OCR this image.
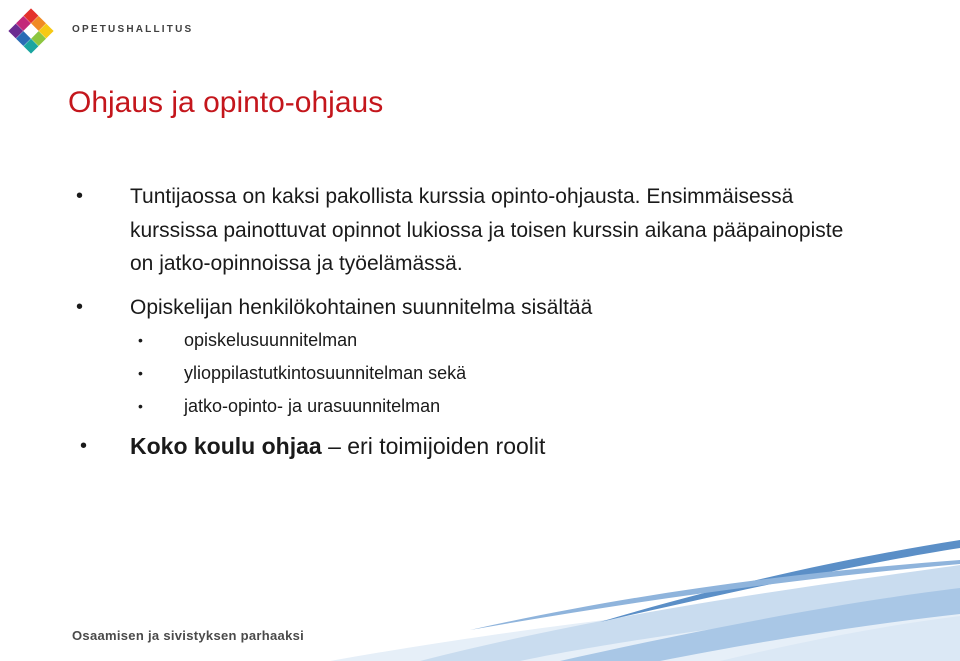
OPETUSHALLITUS
Ohjaus ja opinto-ohjaus
• Tuntijaossa on kaksi pakollista kurssia opinto-ohjausta. Ensimmäisessä kurssissa painottuvat opinnot lukiossa ja toisen kurssin aikana pääpainopiste on jatko-opinnoissa ja työelämässä.
• Opiskelijan henkilökohtainen suunnitelma sisältää
• opiskelusuunnitelman
• ylioppilastutkintosuunnitelman sekä
• jatko-opinto- ja urasuunnitelman
• Koko koulu ohjaa – eri toimijoiden roolit
Osaamisen ja sivistyksen parhaaksi
